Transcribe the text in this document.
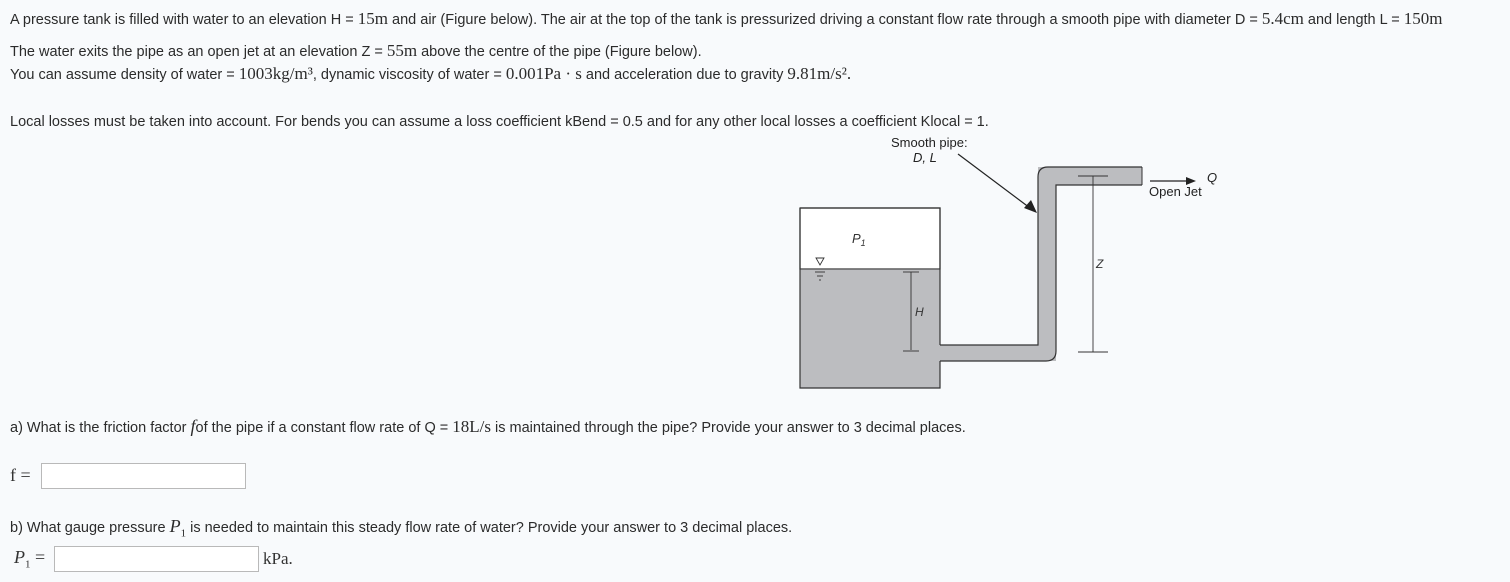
A pressure tank is filled with water to an elevation H = 15m and air (Figure below). The air at the top of the tank is pressurized driving a constant flow rate through a smooth pipe with diameter D = 5.4cm and length L = 150m
The water exits the pipe as an open jet at an elevation Z = 55m above the centre of the pipe (Figure below).
You can assume density of water = 1003kg/m³, dynamic viscosity of water = 0.001Pa · s and acceleration due to gravity 9.81m/s².
Local losses must be taken into account. For bends you can assume a loss coefficient kBend = 0.5 and for any other local losses a coefficient Klocal = 1.
H
$P_1$
Z
Smooth pipe:
D, L
Q
Open Jet
a) What is the friction factor fof the pipe if a constant flow rate of Q = 18L/s is maintained through the pipe? Provide your answer to 3 decimal places.
f =
b) What gauge pressure $P_1$ is needed to maintain this steady flow rate of water? Provide your answer to 3 decimal places.
$P_1$ =	kPa.
